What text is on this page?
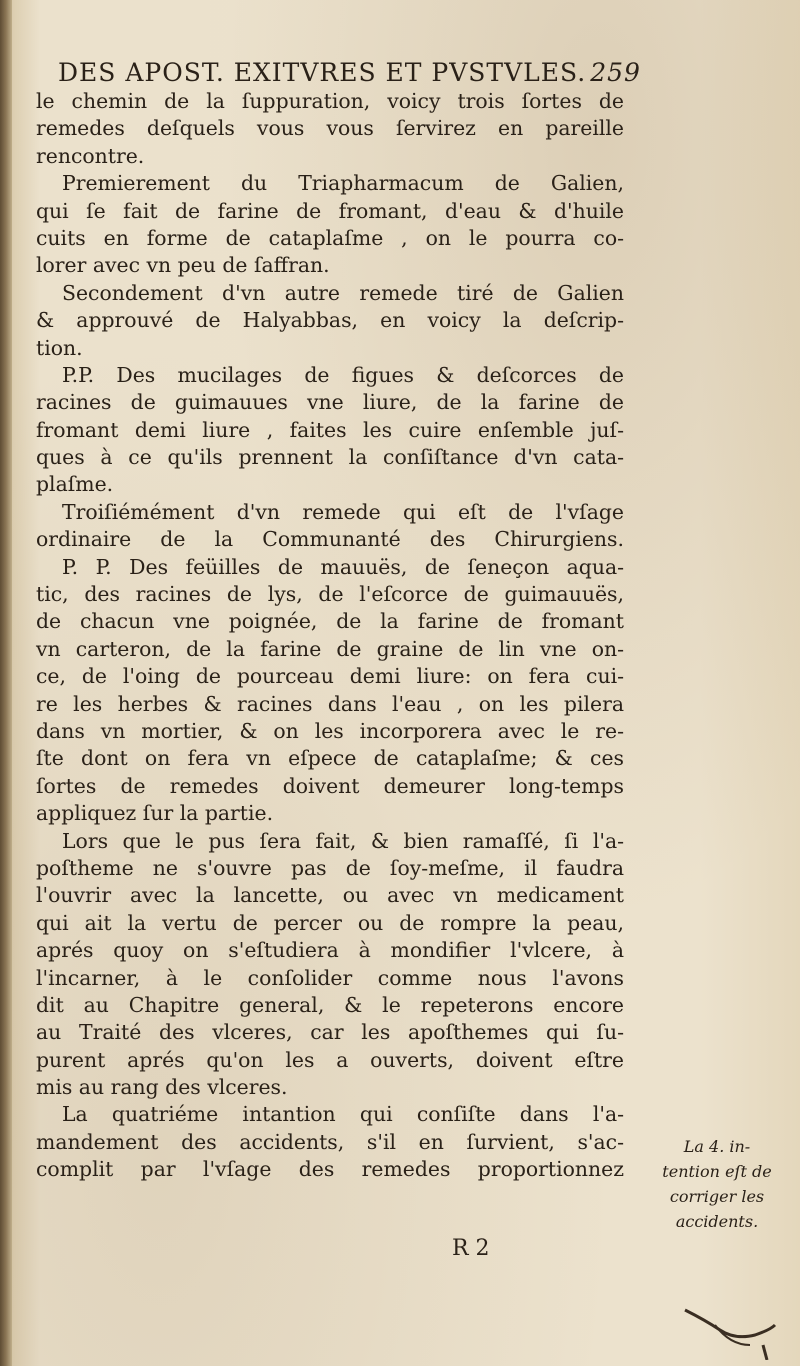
DES APOST. EXITVRES ET PVSTVLES. 259
le chemin de la ſuppuration, voicy trois ſortes de
remedes deſquels vous vous ſervirez en pareille
rencontre.
Premierement du Triapharmacum de Galien,
qui ſe fait de farine de fromant, d'eau & d'huile
cuits en forme de cataplaſme , on le pourra co-
lorer avec vn peu de ſaffran.
Secondement d'vn autre remede tiré de Galien
& approuvé de Halyabbas, en voicy la deſcrip-
tion.
P.P. Des mucilages de figues & deſcorces de
racines de guimauues vne liure, de la farine de
fromant demi liure , faites les cuire enſemble juſ-
ques à ce qu'ils prennent la conſiſtance d'vn cata-
plaſme.
Troiſiémément d'vn remede qui eſt de l'vſage
ordinaire de la Communanté des Chirurgiens.
P. P. Des feüilles de mauuës, de ſeneçon aqua-
tic, des racines de lys, de l'eſcorce de guimauuës,
de chacun vne poignée, de la farine de fromant
vn carteron, de la farine de graine de lin vne on-
ce, de l'oing de pourceau demi liure: on fera cui-
re les herbes & racines dans l'eau , on les pilera
dans vn mortier, & on les incorporera avec le re-
ſte dont on fera vn eſpece de cataplaſme; & ces
ſortes de remedes doivent demeurer long-temps
appliquez ſur la partie.
Lors que le pus ſera fait, & bien ramaſſé, ſi l'a-
poſtheme ne s'ouvre pas de ſoy-meſme, il faudra
l'ouvrir avec la lancette, ou avec vn medicament
qui ait la vertu de percer ou de rompre la peau,
aprés quoy on s'eſtudiera à mondifier l'vlcere, à
l'incarner, à le conſolider comme nous l'avons
dit au Chapitre general, & le repeterons encore
au Traité des vlceres, car les apoſthemes qui ſu-
purent aprés qu'on les a ouverts, doivent eſtre
mis au rang des vlceres.
La quatriéme intantion qui conſiſte dans l'a-
mandement des accidents, s'il en ſurvient, s'ac-
complit par l'vſage des remedes proportionnez
La 4. in-
tention eſt de
corriger les
accidents.
R 2
